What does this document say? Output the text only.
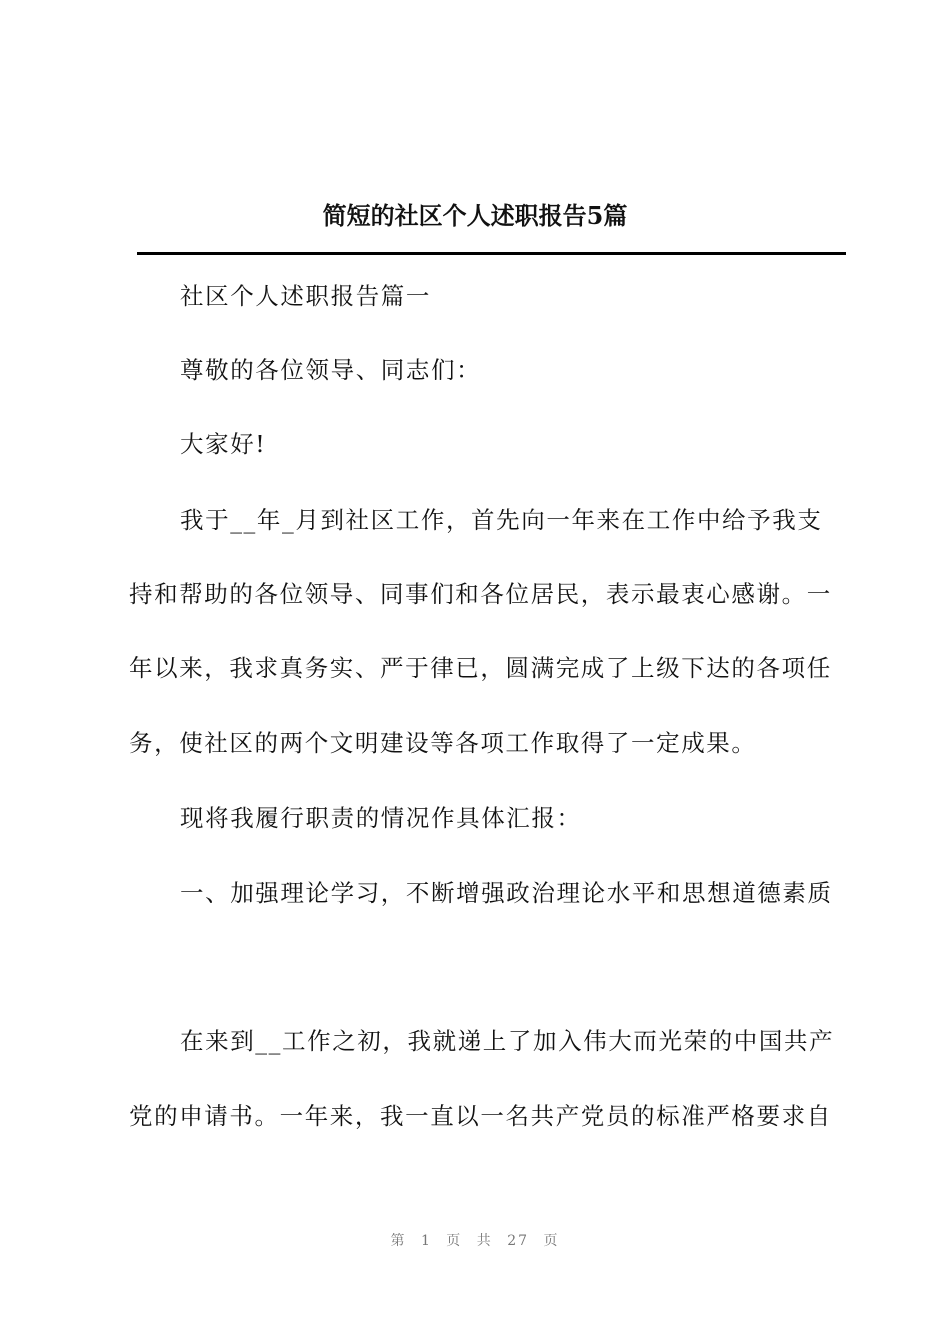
简短的社区个人述职报告5篇
社区个人述职报告篇一
尊敬的各位领导、同志们：
大家好!
我于__年_月到社区工作，首先向一年来在工作中给予我支
持和帮助的各位领导、同事们和各位居民，表示最衷心感谢。一
年以来，我求真务实、严于律已，圆满完成了上级下达的各项任
务，使社区的两个文明建设等各项工作取得了一定成果。
现将我履行职责的情况作具体汇报：
一、加强理论学习，不断增强政治理论水平和思想道德素质
在来到__工作之初，我就递上了加入伟大而光荣的中国共产
党的申请书。一年来，我一直以一名共产党员的标准严格要求自
第 1 页 共 27 页
